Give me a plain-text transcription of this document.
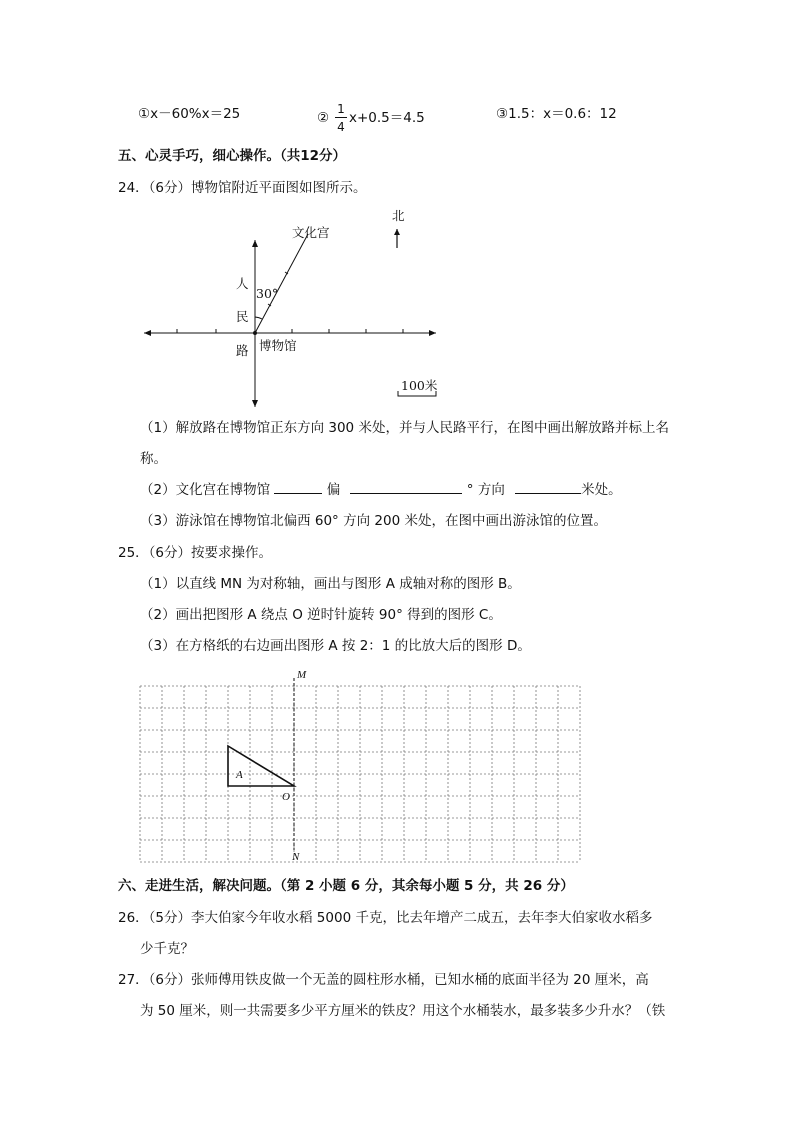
①x－60%x＝25	②
1
4
x+0.5＝4.5	③1.5：x＝0.6：12
五、心灵手巧，细心操作。（共12分）
24．（6分）博物馆附近平面图如图所示。
文化宫
30°
人
民
路 博物馆
北
100米
（1）解放路在博物馆正东方向 300 米处，并与人民路平行，在图中画出解放路并标上名
称。
（2）文化宫在博物馆	偏	° 方向	米处。
（3）游泳馆在博物馆北偏西 60° 方向 200 米处，在图中画出游泳馆的位置。
25．（6分）按要求操作。
（1）以直线 MN 为对称轴，画出与图形 A 成轴对称的图形 B。
（2）画出把图形 A 绕点 O 逆时针旋转 90° 得到的图形 C。
（3）在方格纸的右边画出图形 A 按 2：1 的比放大后的图形 D。
M
N
A
O
六、走进生活，解决问题。（第 2 小题 6 分，其余每小题 5 分，共 26 分）
26．（5分）李大伯家今年收水稻 5000 千克，比去年增产二成五，去年李大伯家收水稻多
少千克？
27．（6分）张师傅用铁皮做一个无盖的圆柱形水桶，已知水桶的底面半径为 20 厘米，高
为 50 厘米，则一共需要多少平方厘米的铁皮？用这个水桶装水，最多装多少升水？（铁
